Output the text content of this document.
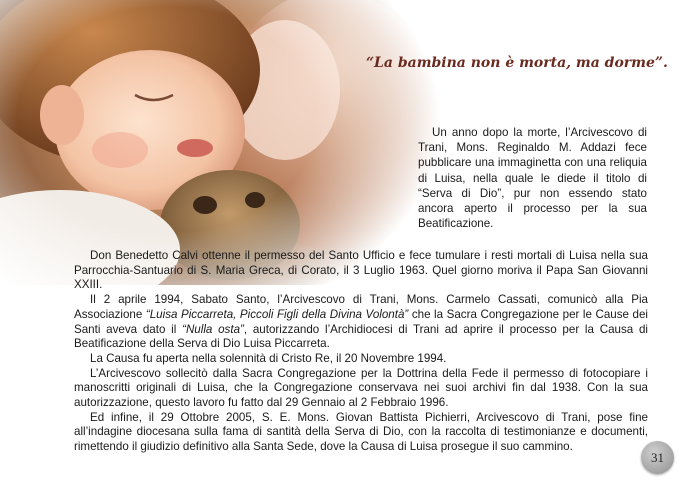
“La bambina non è morta, ma dorme”.
Un anno dopo la morte, l’Arcivescovo di Trani, Mons. Reginaldo M. Addazi fece pubblicare una immaginetta con una reliquia di Luisa, nella quale le diede il titolo di “Serva di Dio”, pur non essendo stato ancora aperto il processo per la sua Beatificazione.

Don Benedetto Calvi ottenne il permesso del Santo Ufficio e fece tumulare i resti mortali di Luisa nella sua Parrocchia-Santuario di S. Maria Greca, di Corato, il 3 Luglio 1963. Quel giorno moriva il Papa San Giovanni XXIII.

Il 2 aprile 1994, Sabato Santo, l’Arcivescovo di Trani, Mons. Carmelo Cassati, comunicò alla Pia Associazione “Luisa Piccarreta, Piccoli Figli della Divina Volontà” che la Sacra Congregazione per le Cause dei Santi aveva dato il “Nulla osta”, autorizzando l’Archidiocesi di Trani ad aprire il processo per la Causa di Beatificazione della Serva di Dio Luisa Piccarreta.

La Causa fu aperta nella solennità di Cristo Re, il 20 Novembre 1994.

L’Arcivescovo sollecitò dalla Sacra Congregazione per la Dottrina della Fede il permesso di fotocopiare i manoscritti originali di Luisa, che la Congregazione conservava nei suoi archivi fin dal 1938. Con la sua autorizzazione, questo lavoro fu fatto dal 29 Gennaio al 2 Febbraio 1996.

Ed infine, il 29 Ottobre 2005, S. E. Mons. Giovan Battista Pichierri, Arcivescovo di Trani, pose fine all’indagine diocesana sulla fama di santità della Serva di Dio, con la raccolta di testimonianze e documenti, rimettendo il giudizio definitivo alla Santa Sede, dove la Causa di Luisa prosegue il suo cammino.

31
